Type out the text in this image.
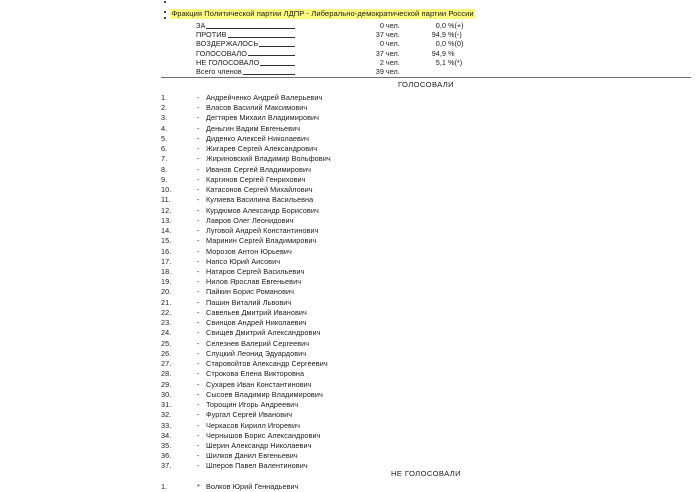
Фракция Политической партии ЛДПР - Либерально-демократической партии России
ЗА	0 чел.	0,0 %	(+)
ПРОТИВ	37 чел.	94,9 %	(-)
ВОЗДЕРЖАЛОСЬ	0 чел.	0,0 %	(0)
ГОЛОСОВАЛО	37 чел.	94,9 %	
НЕ ГОЛОСОВАЛО	2 чел.	5,1 %	(*)
Всего членов	39 чел.		
ГОЛОСОВАЛИ
1.	- Андрейченко Андрей Валерьевич
2.	- Власов Василий Максимович
3.	- Дегтярев Михаил Владимирович
4.	- Деньгин Вадим Евгеньевич
5.	- Диденко Алексей Николаевич
6.	- Жигарев Сергей Александрович
7.	- Жириновский Владимир Вольфович
8.	- Иванов Сергей Владимирович
9.	- Каргинов Сергей Генрихович
10.	- Катасонов Сергей Михайлович
11.	- Кулиева Василина Васильевна
12.	- Курдюмов Александр Борисович
13.	- Лавров Олег Леонидович
14.	- Луговой Андрей Константинович
15.	- Маринин Сергей Владимирович
16.	- Морозов Антон Юрьевич
17.	- Напсо Юрий Аисович
18.	- Натаров Сергей Васильевич
19.	- Нилов Ярослав Евгеньевич
20.	- Пайкин Борис Романович
21.	- Пашин Виталий Львович
22.	- Савельев Дмитрий Иванович
23.	- Свинцов Андрей Николаевич
24.	- Свищев Дмитрий Александрович
25.	- Селезнев Валерий Сергеевич
26.	- Слуцкий Леонид Эдуардович
27.	- Старовойтов Александр Сергеевич
28.	- Строкова Елена Викторовна
29.	- Сухарев Иван Константинович
30.	- Сысоев Владимир Владимирович
31.	- Торощин Игорь Андреевич
32.	- Фургал Сергей Иванович
33.	- Черкасов Кирилл Игоревич
34.	- Чернышов Борис Александрович
35.	- Шерин Александр Николаевич
36.	- Шилков Данил Евгеньевич
37.	- Шперов Павел Валентинович
НЕ ГОЛОСОВАЛИ
1.	* Волков Юрий Геннадьевич
